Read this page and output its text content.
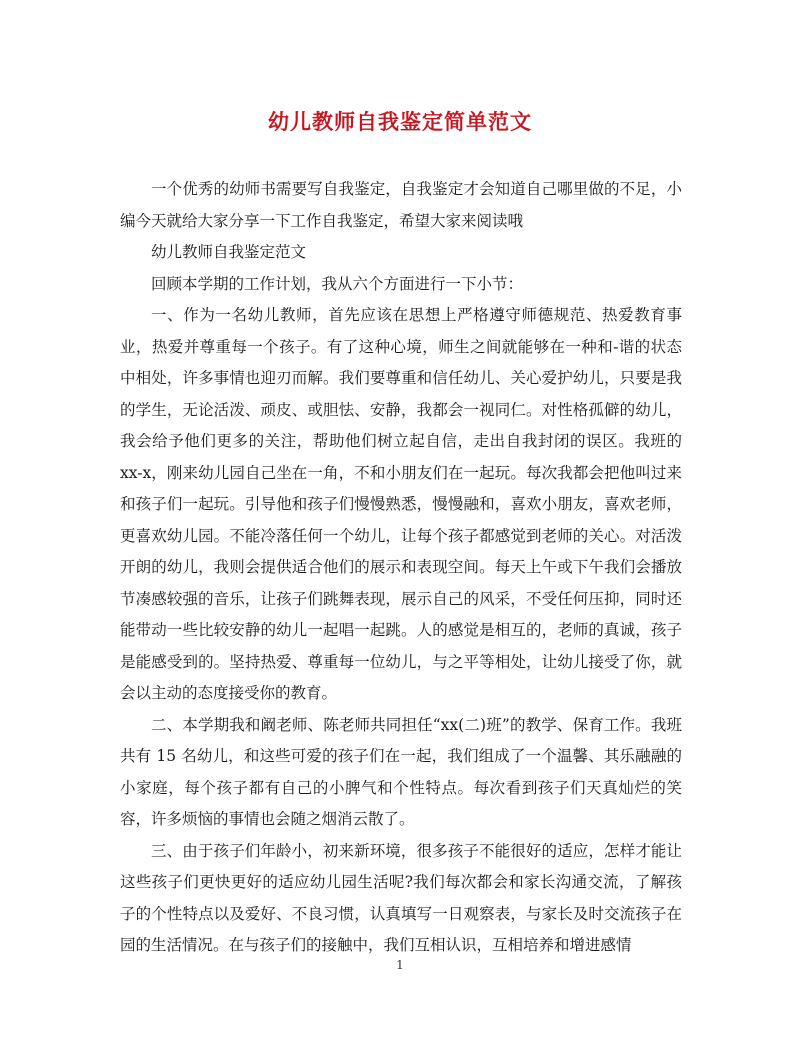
幼儿教师自我鉴定简单范文

一个优秀的幼师书需要写自我鉴定，自我鉴定才会知道自己哪里做的不足，小编今天就给大家分享一下工作自我鉴定，希望大家来阅读哦

幼儿教师自我鉴定范文

回顾本学期的工作计划，我从六个方面进行一下小节：

一、作为一名幼儿教师，首先应该在思想上严格遵守师德规范、热爱教育事业，热爱并尊重每一个孩子。有了这种心境，师生之间就能够在一种和-谐的状态中相处，许多事情也迎刃而解。我们要尊重和信任幼儿、关心爱护幼儿，只要是我的学生，无论活泼、顽皮、或胆怯、安静，我都会一视同仁。对性格孤僻的幼儿，我会给予他们更多的关注，帮助他们树立起自信，走出自我封闭的误区。我班的xx-x，刚来幼儿园自己坐在一角，不和小朋友们在一起玩。每次我都会把他叫过来和孩子们一起玩。引导他和孩子们慢慢熟悉，慢慢融和，喜欢小朋友，喜欢老师，更喜欢幼儿园。不能冷落任何一个幼儿，让每个孩子都感觉到老师的关心。对活泼开朗的幼儿，我则会提供适合他们的展示和表现空间。每天上午或下午我们会播放节凑感较强的音乐，让孩子们跳舞表现，展示自己的风采，不受任何压抑，同时还能带动一些比较安静的幼儿一起唱一起跳。人的感觉是相互的，老师的真诚，孩子是能感受到的。坚持热爱、尊重每一位幼儿，与之平等相处，让幼儿接受了你，就会以主动的态度接受你的教育。

二、本学期我和阚老师、陈老师共同担任“xx(二)班”的教学、保育工作。我班共有 15 名幼儿，和这些可爱的孩子们在一起，我们组成了一个温馨、其乐融融的小家庭，每个孩子都有自己的小脾气和个性特点。每次看到孩子们天真灿烂的笑容，许多烦恼的事情也会随之烟消云散了。

三、由于孩子们年龄小，初来新环境，很多孩子不能很好的适应，怎样才能让这些孩子们更快更好的适应幼儿园生活呢?我们每次都会和家长沟通交流，了解孩子的个性特点以及爱好、不良习惯，认真填写一日观察表，与家长及时交流孩子在园的生活情况。在与孩子们的接触中，我们互相认识，互相培养和增进感情

1
